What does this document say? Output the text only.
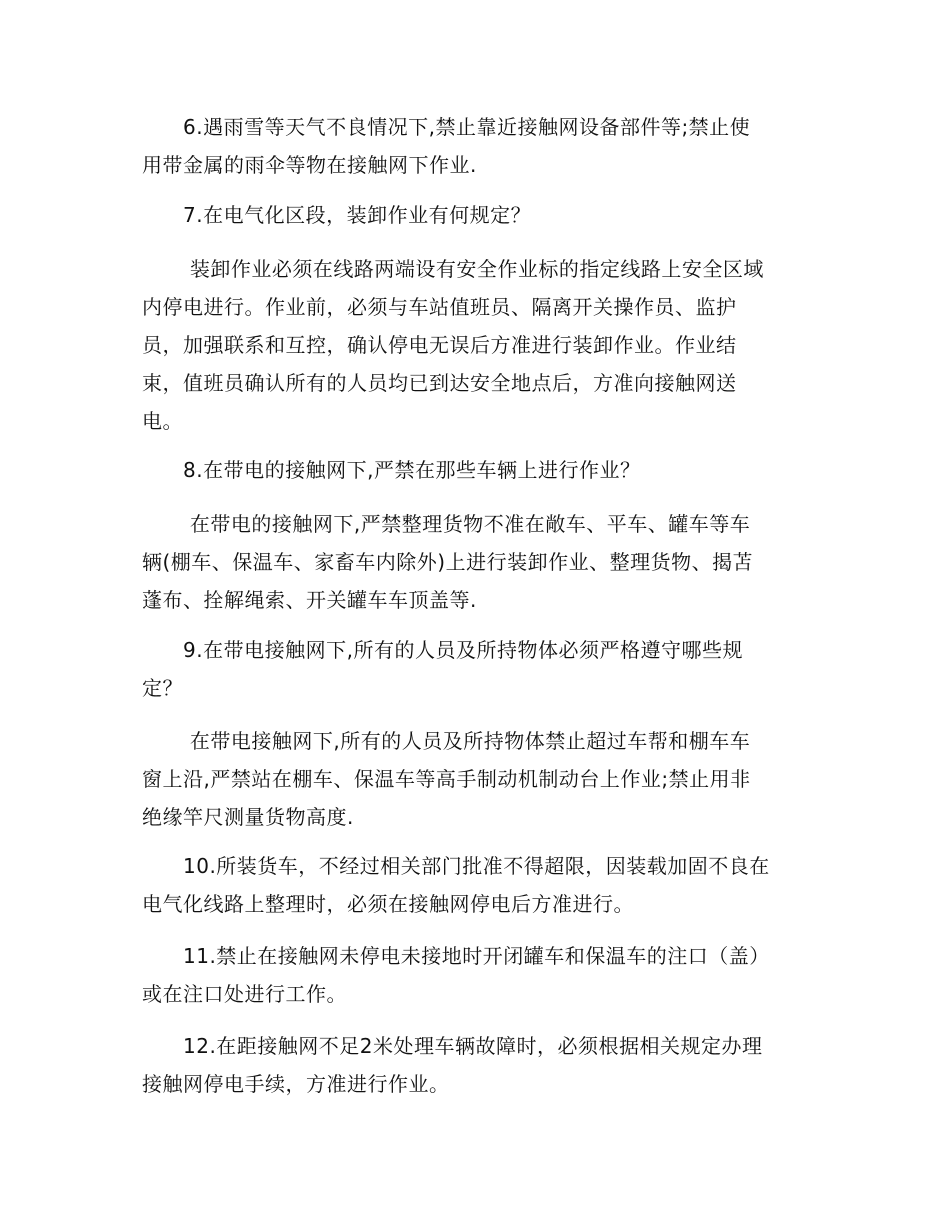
　　6.遇雨雪等天气不良情况下,禁止靠近接触网设备部件等;禁止使
用带金属的雨伞等物在接触网下作业.

　　7.在电气化区段，装卸作业有何规定？

　　 装卸作业必须在线路两端设有安全作业标的指定线路上安全区域
内停电进行。作业前，必须与车站值班员、隔离开关操作员、监护
员，加强联系和互控，确认停电无误后方准进行装卸作业。作业结
束，值班员确认所有的人员均已到达安全地点后，方准向接触网送
电。

　　8.在带电的接触网下,严禁在那些车辆上进行作业？

　　 在带电的接触网下,严禁整理货物不准在敞车、平车、罐车等车
辆(棚车、保温车、家畜车内除外)上进行装卸作业、整理货物、揭苫
蓬布、拴解绳索、开关罐车车顶盖等.

　　9.在带电接触网下,所有的人员及所持物体必须严格遵守哪些规
定？

　　 在带电接触网下,所有的人员及所持物体禁止超过车帮和棚车车
窗上沿,严禁站在棚车、保温车等高手制动机制动台上作业;禁止用非
绝缘竿尺测量货物高度.

　　10.所装货车，不经过相关部门批准不得超限，因装载加固不良在
电气化线路上整理时，必须在接触网停电后方准进行。

　　11.禁止在接触网未停电未接地时开闭罐车和保温车的注口（盖）
或在注口处进行工作。

　　12.在距接触网不足2米处理车辆故障时，必须根据相关规定办理
接触网停电手续，方准进行作业。
